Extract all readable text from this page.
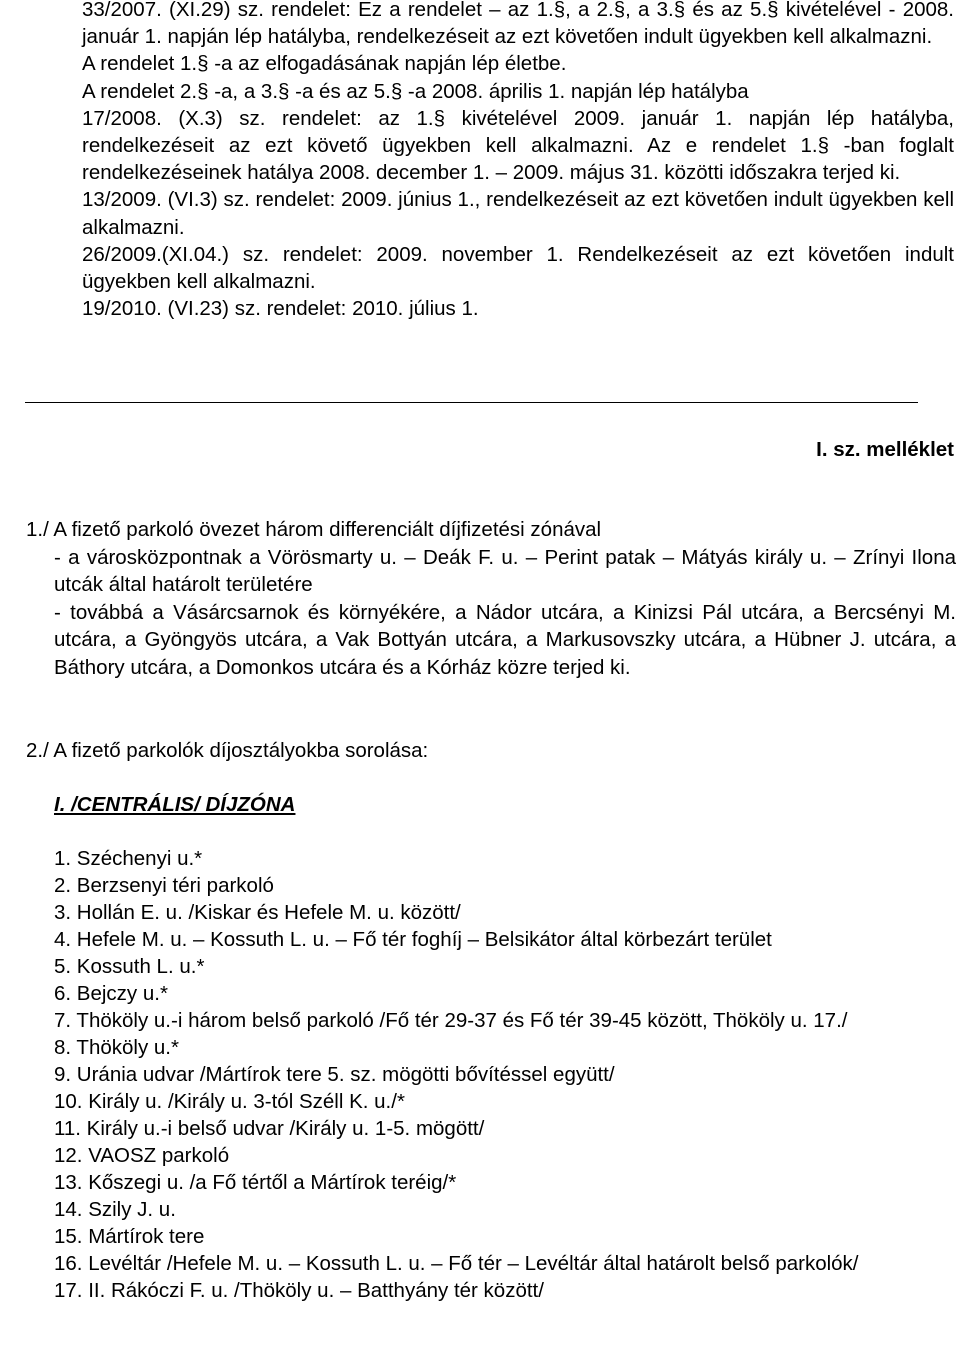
33/2007. (XI.29) sz. rendelet: Ez a rendelet – az 1.§, a 2.§, a 3.§ és az 5.§ kivételével - 2008. január 1. napján lép hatályba, rendelkezéseit az ezt követően indult ügyekben kell alkalmazni.

A rendelet 1.§ -a az elfogadásának napján lép életbe.

A rendelet 2.§ -a, a 3.§ -a és az 5.§ -a 2008. április 1. napján lép hatályba

17/2008. (X.3) sz. rendelet: az 1.§ kivételével 2009. január 1. napján lép hatályba, rendelkezéseit az ezt követő ügyekben kell alkalmazni. Az e rendelet 1.§ -ban foglalt rendelkezéseinek hatálya 2008. december 1. – 2009. május 31. közötti időszakra terjed ki.

13/2009. (VI.3) sz. rendelet: 2009. június 1., rendelkezéseit az ezt követően indult ügyekben kell alkalmazni.

26/2009.(XI.04.) sz. rendelet: 2009. november 1. Rendelkezéseit az ezt követően indult ügyekben kell alkalmazni.

19/2010. (VI.23) sz. rendelet: 2010. július 1.

I. sz. melléklet

1./ A fizető parkoló övezet három differenciált díjfizetési zónával

- a városközpontnak a Vörösmarty u. – Deák F. u. – Perint patak – Mátyás király u. – Zrínyi Ilona utcák által határolt területére

- továbbá a Vásárcsarnok és környékére, a Nádor utcára, a Kinizsi Pál utcára, a Bercsényi M. utcára, a Gyöngyös utcára, a Vak Bottyán utcára, a Markusovszky utcára, a Hübner J. utcára, a Báthory utcára, a Domonkos utcára és a Kórház közre terjed ki.

2./ A fizető parkolók díjosztályokba sorolása:
I. /CENTRÁLIS/ DÍJZÓNA

1. Széchenyi u.*

2. Berzsenyi téri parkoló

3. Hollán E. u. /Kiskar és Hefele M. u. között/

4. Hefele M. u. – Kossuth L. u. – Fő tér foghíj – Belsikátor által körbezárt terület

5. Kossuth L. u.*

6. Bejczy u.*

7. Thököly u.-i három belső parkoló /Fő tér 29-37 és Fő tér 39-45 között, Thököly u. 17./

8. Thököly u.*

9. Uránia udvar /Mártírok tere 5. sz. mögötti bővítéssel együtt/

10. Király u. /Király u. 3-tól Széll K. u./*

11. Király u.-i belső udvar /Király u. 1-5. mögött/

12. VAOSZ parkoló

13. Kőszegi u. /a Fő tértől a Mártírok teréig/*

14. Szily J. u.

15. Mártírok tere

16. Levéltár /Hefele M. u. – Kossuth L. u. – Fő tér – Levéltár által határolt belső parkolók/

17. II. Rákóczi F. u. /Thököly u. – Batthyány tér között/
